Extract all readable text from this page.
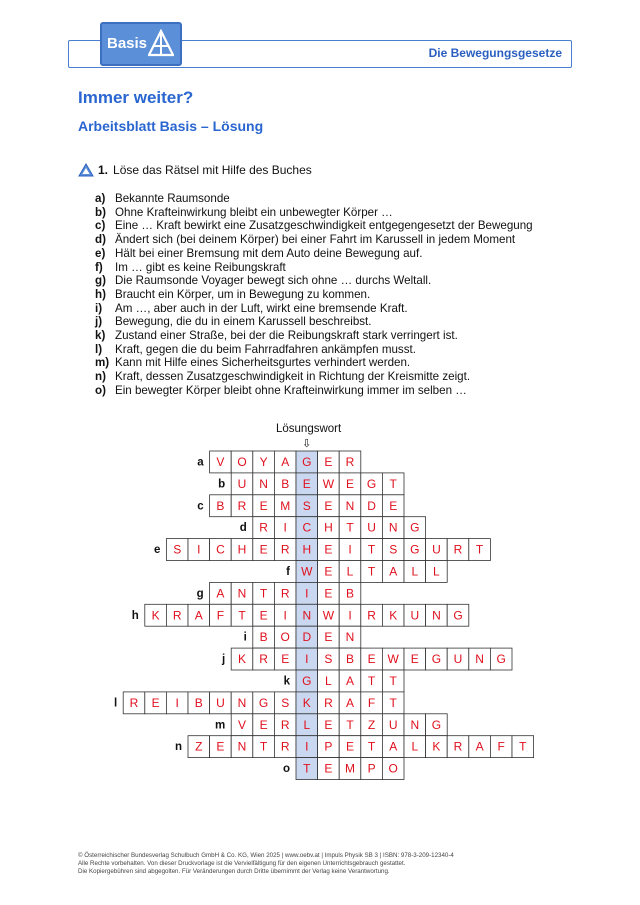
Basis
Die Bewegungsgesetze
Immer weiter?
Arbeitsblatt Basis – Lösung
1. Löse das Rätsel mit Hilfe des Buches
a) Bekannte Raumsonde
b) Ohne Krafteinwirkung bleibt ein unbewegter Körper …
c) Eine … Kraft bewirkt eine Zusatzgeschwindigkeit entgegengesetzt der Bewegung
d) Ändert sich (bei deinem Körper) bei einer Fahrt im Karussell in jedem Moment
e) Hält bei einer Bremsung mit dem Auto deine Bewegung auf.
f)	Im … gibt es keine Reibungskraft
g) Die Raumsonde Voyager bewegt sich ohne … durchs Weltall.
h) Braucht ein Körper, um in Bewegung zu kommen.
i)	Am …, aber auch in der Luft, wirkt eine bremsende Kraft.
j)	Bewegung, die du in einem Karussell beschreibst.
k) Zustand einer Straße, bei der die Reibungskraft stark verringert ist.
l)	Kraft, gegen die du beim Fahrradfahren ankämpfen musst.
m) Kann mit Hilfe eines Sicherheitsgurtes verhindert werden.
n) Kraft, dessen Zusatzgeschwindigkeit in Richtung der Kreismitte zeigt.
o) Ein bewegter Körper bleibt ohne Krafteinwirkung immer im selben …
Lösungswort
⇩
a V O Y A G E R
b U N B E W E G T
c B R E M S E N D E
d R I C H T U N G
e S I C H E R H E I T S G U R T
f W E L T A L L
g A N T R I E B
h K R A F T E I N W I R K U N G
i B O D E N
j K R E I S B E W E G U N G
k G L A T T
l R E I B U N G S K R A F T
m V E R L E T Z U N G
n Z E N T R I P E T A L K R A F T
o T E M P O
© Österreichischer Bundesverlag Schulbuch GmbH & Co. KG, Wien 2025 | www.oebv.at | Impuls Physik SB 3 | ISBN: 978-3-209-12340-4
Alle Rechte vorbehalten. Von dieser Druckvorlage ist die Vervielfältigung für den eigenen Unterrichtsgebrauch gestattet.
Die Kopiergebühren sind abgegolten. Für Veränderungen durch Dritte übernimmt der Verlag keine Verantwortung.
